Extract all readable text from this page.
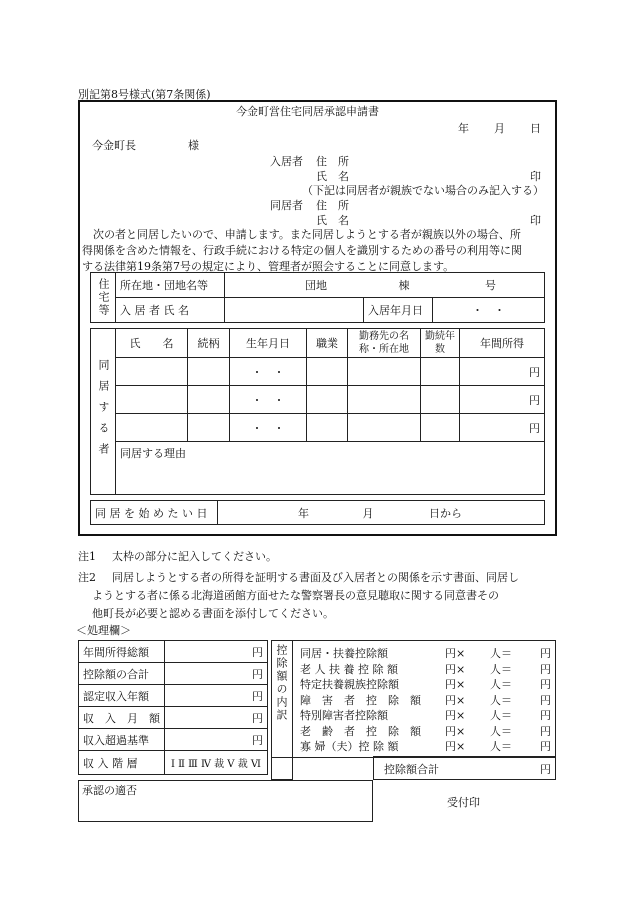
別記第8号様式(第7条関係)
今金町営住宅同居承認申請書
年 月 日
今金町長	様
入居者 住　所
氏　名	印
（下記は同居者が親族でない場合のみ記入する）
同居者 住　所
氏　名	印
　次の者と同居したいので、申請します。また同居しようとする者が親族以外の場合、所
得関係を含めた情報を、行政手続における特定の個人を識別するための番号の利用等に関
する法律第19条第7号の規定により、管理者が照会することに同意します。
住宅等	所在地・団地名等	団地 棟 号		
	入 居 者 氏 名		入居年月日	・　・
同居する者	氏　　名	続柄	生年月日	職業	勤務先の名称・所在地	勤続年数	年間所得
			・　・				円
			・　・				円
			・　・				円
	同居する理由						
同 居 を 始 め た い 日	年	月	日から
注1 太枠の部分に記入してください。
注2 同居しようとする者の所得を証明する書面及び入居者との関係を示す書面、同居し
ようとする者に係る北海道函館方面せたな警察署長の意見聴取に関する同意書その
他町長が必要と認める書面を添付してください。
＜処理欄＞
年間所得総額	円
控除額の合計	円
認定収入年額	円
収　入　月　額	円
収入超過基準	円
収 入 階 層	Ⅰ Ⅱ Ⅲ Ⅳ 裁 Ⅴ 裁 Ⅵ
控除額の内訳 同居・扶養控除額	円× 人＝	円
老 人 扶 養 控 除 額	円× 人＝	円
特定扶養親族控除額	円× 人＝	円
障　害　者　控　除　額 円× 人＝	円
特別障害者控除額	円× 人＝	円
老　齢　者　控　除　額 円× 人＝	円
寡 婦（夫）控 除 額	円× 人＝	円
控除額合計	円
承認の適否
受付印
